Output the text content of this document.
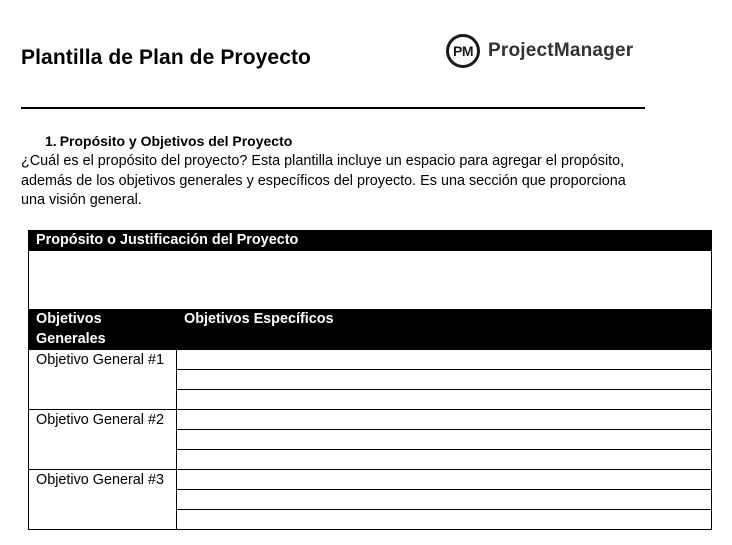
Plantilla de Plan de Proyecto	PM ProjectManager
1. Propósito y Objetivos del Proyecto
¿Cuál es el propósito del proyecto? Esta plantilla incluye un espacio para agregar el propósito, además de los objetivos generales y específicos del proyecto. Es una sección que proporciona una visión general.
Propósito o Justificación del Proyecto	

Objetivos Generales	Objetivos Específicos
Objetivo General #1	

Objetivo General #2	

Objetivo General #3	
